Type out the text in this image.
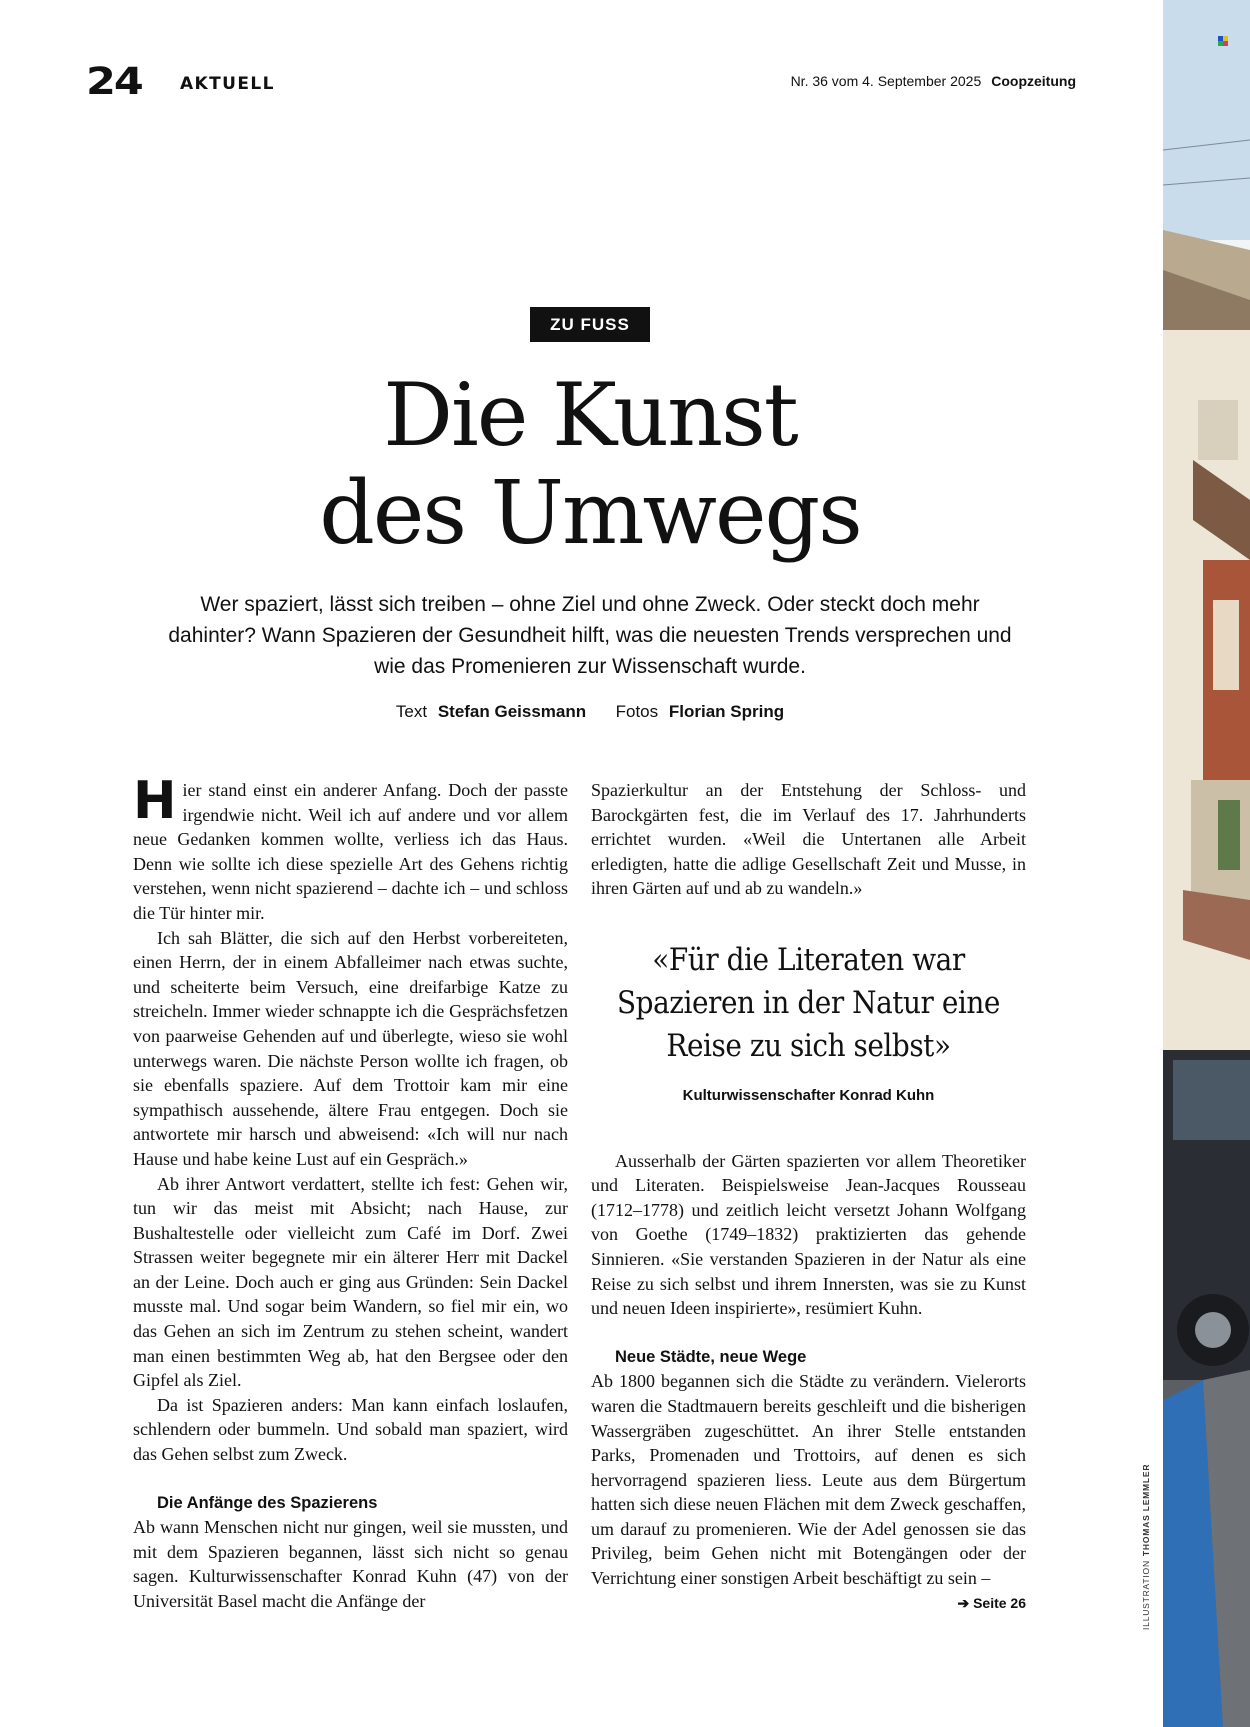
24 AKTUELL	Nr. 36 vom 4. September 2025 Coopzeitung
ZU FUSS
Die Kunst
des Umwegs

Wer spaziert, lässt sich treiben – ohne Ziel und ohne Zweck. Oder steckt doch mehr dahinter? Wann Spazieren der Gesundheit hilft, was die neuesten Trends versprechen und wie das Promenieren zur Wissenschaft wurde.

Text Stefan Geissmann Fotos Florian Spring

Hier stand einst ein anderer Anfang. Doch der passte irgendwie nicht. Weil ich auf andere und vor allem neue Gedanken kommen wollte, verliess ich das Haus. Denn wie sollte ich diese spezielle Art des Gehens richtig verstehen, wenn nicht spazierend – dachte ich – und schloss die Tür hinter mir.

Ich sah Blätter, die sich auf den Herbst vorbereiteten, einen Herrn, der in einem Abfalleimer nach etwas suchte, und scheiterte beim Versuch, eine dreifarbige Katze zu streicheln. Immer wieder schnappte ich die Gesprächsfetzen von paarweise Gehenden auf und überlegte, wieso sie wohl unterwegs waren. Die nächste Person wollte ich fragen, ob sie ebenfalls spaziere. Auf dem Trottoir kam mir eine sympathisch aussehende, ältere Frau entgegen. Doch sie antwortete mir harsch und abweisend: «Ich will nur nach Hause und habe keine Lust auf ein Gespräch.»

Ab ihrer Antwort verdattert, stellte ich fest: Gehen wir, tun wir das meist mit Absicht; nach Hause, zur Bushaltestelle oder vielleicht zum Café im Dorf. Zwei Strassen weiter begegnete mir ein älterer Herr mit Dackel an der Leine. Doch auch er ging aus Gründen: Sein Dackel musste mal. Und sogar beim Wandern, so fiel mir ein, wo das Gehen an sich im Zentrum zu stehen scheint, wandert man einen bestimmten Weg ab, hat den Bergsee oder den Gipfel als Ziel.

Da ist Spazieren anders: Man kann einfach loslaufen, schlendern oder bummeln. Und sobald man spaziert, wird das Gehen selbst zum Zweck.

Die Anfänge des Spazierens

Ab wann Menschen nicht nur gingen, weil sie mussten, und mit dem Spazieren begannen, lässt sich nicht so genau sagen. Kulturwissenschafter Konrad Kuhn (47) von der Universität Basel macht die Anfänge der

Spazierkultur an der Entstehung der Schloss- und Barockgärten fest, die im Verlauf des 17. Jahrhunderts errichtet wurden. «Weil die Untertanen alle Arbeit erledigten, hatte die adlige Gesellschaft Zeit und Musse, in ihren Gärten auf und ab zu wandeln.»

«Für die Literaten war Spazieren in der Natur eine Reise zu sich selbst»
Kulturwissenschafter Konrad Kuhn

Ausserhalb der Gärten spazierten vor allem Theoretiker und Literaten. Beispielsweise Jean-Jacques Rousseau (1712–1778) und zeitlich leicht versetzt Johann Wolfgang von Goethe (1749–1832) praktizierten das gehende Sinnieren. «Sie verstanden Spazieren in der Natur als eine Reise zu sich selbst und ihrem Innersten, was sie zu Kunst und neuen Ideen inspirierte», resümiert Kuhn.

Neue Städte, neue Wege

Ab 1800 begannen sich die Städte zu verändern. Vielerorts waren die Stadtmauern bereits geschleift und die bisherigen Wassergräben zugeschüttet. An ihrer Stelle entstanden Parks, Promenaden und Trottoirs, auf denen es sich hervorragend spazieren liess. Leute aus dem Bürgertum hatten sich diese neuen Flächen mit dem Zweck geschaffen, um darauf zu promenieren. Wie der Adel genossen sie das Privileg, beim Gehen nicht mit Botengängen oder der Verrichtung einer sonstigen Arbeit beschäftigt zu sein –
➔ Seite 26	ILLUSTRATIONTHOMAS LEMMLER
